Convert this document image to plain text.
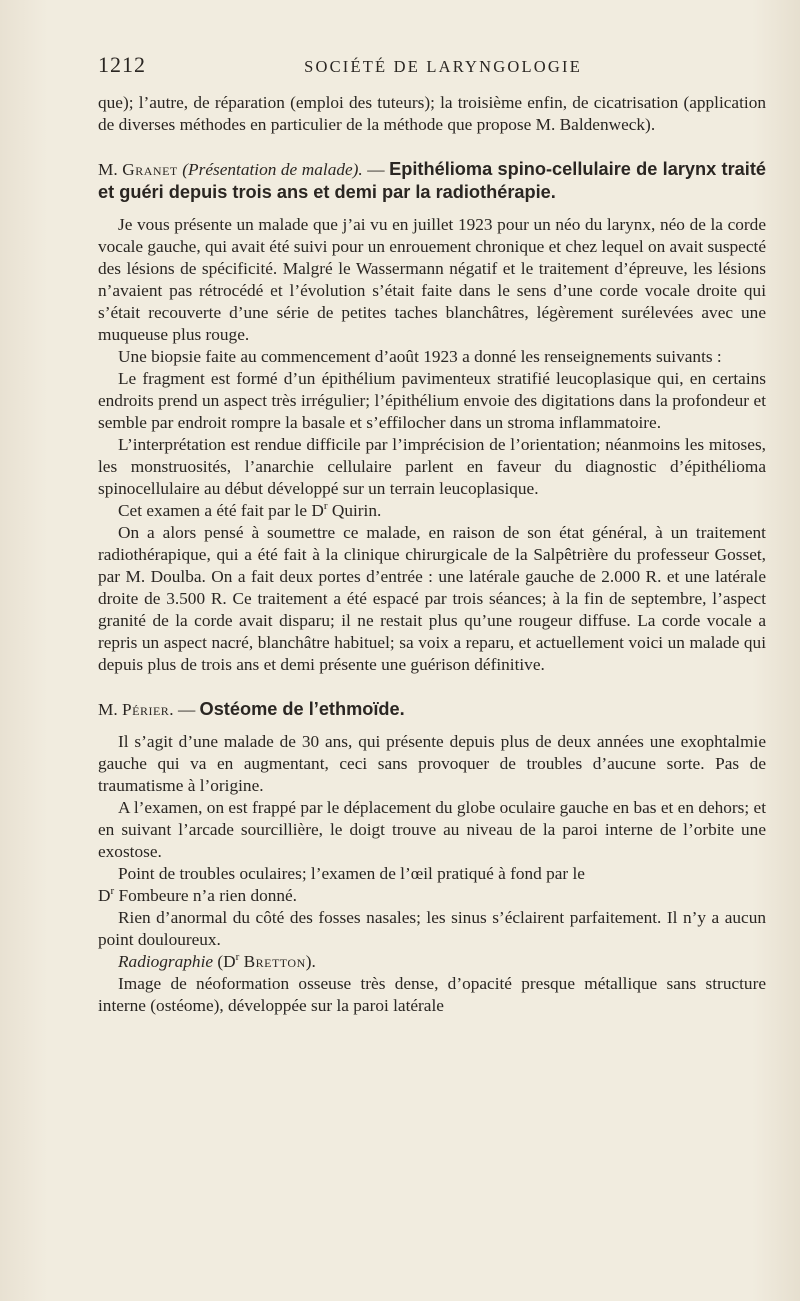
1212	SOCIÉTÉ DE LARYNGOLOGIE

que); l’autre, de réparation (emploi des tuteurs); la troisième enfin, de cicatrisation (application de diverses méthodes en particulier de la méthode que propose M. Baldenweck).

M. Granet (Présentation de malade). — Epithélioma spino-cellulaire de larynx traité et guéri depuis trois ans et demi par la radiothérapie.

Je vous présente un malade que j’ai vu en juillet 1923 pour un néo du larynx, néo de la corde vocale gauche, qui avait été suivi pour un enrouement chronique et chez lequel on avait suspecté des lésions de spécificité. Malgré le Wassermann négatif et le traitement d’épreuve, les lésions n’avaient pas rétrocédé et l’évolution s’était faite dans le sens d’une corde vocale droite qui s’était recouverte d’une série de petites taches blanchâtres, légèrement surélevées avec une muqueuse plus rouge.

Une biopsie faite au commencement d’août 1923 a donné les renseignements suivants :

Le fragment est formé d’un épithélium pavimenteux stratifié leucoplasique qui, en certains endroits prend un aspect très irrégulier; l’épithélium envoie des digitations dans la profondeur et semble par endroit rompre la basale et s’effilocher dans un stroma inflammatoire.

L’interprétation est rendue difficile par l’imprécision de l’orientation; néanmoins les mitoses, les monstruosités, l’anarchie cellulaire parlent en faveur du diagnostic d’épithélioma spinocellulaire au début développé sur un terrain leucoplasique.

Cet examen a été fait par le $D^r$ Quirin.

On a alors pensé à soumettre ce malade, en raison de son état général, à un traitement radiothérapique, qui a été fait à la clinique chirurgicale de la Salpêtrière du professeur Gosset, par M. Doulba. On a fait deux portes d’entrée : une latérale gauche de 2.000 R. et une latérale droite de 3.500 R. Ce traitement a été espacé par trois séances; à la fin de septembre, l’aspect granité de la corde avait disparu; il ne restait plus qu’une rougeur diffuse. La corde vocale a repris un aspect nacré, blanchâtre habituel; sa voix a reparu, et actuellement voici un malade qui depuis plus de trois ans et demi présente une guérison définitive.

M. Périer. — Ostéome de l’ethmoïde.

Il s’agit d’une malade de 30 ans, qui présente depuis plus de deux années une exophtalmie gauche qui va en augmentant, ceci sans provoquer de troubles d’aucune sorte. Pas de traumatisme à l’origine.

A l’examen, on est frappé par le déplacement du globe oculaire gauche en bas et en dehors; et en suivant l’arcade sourcillière, le doigt trouve au niveau de la paroi interne de l’orbite une exostose.

Point de troubles oculaires; l’examen de l’œil pratiqué à fond par le
$D^r$ Fombeure n’a rien donné.

Rien d’anormal du côté des fosses nasales; les sinus s’éclairent parfaitement. Il n’y a aucun point douloureux.

Radiographie ($D^r$ Bretton).

Image de néoformation osseuse très dense, d’opacité presque métallique sans structure interne (ostéome), développée sur la paroi latérale
